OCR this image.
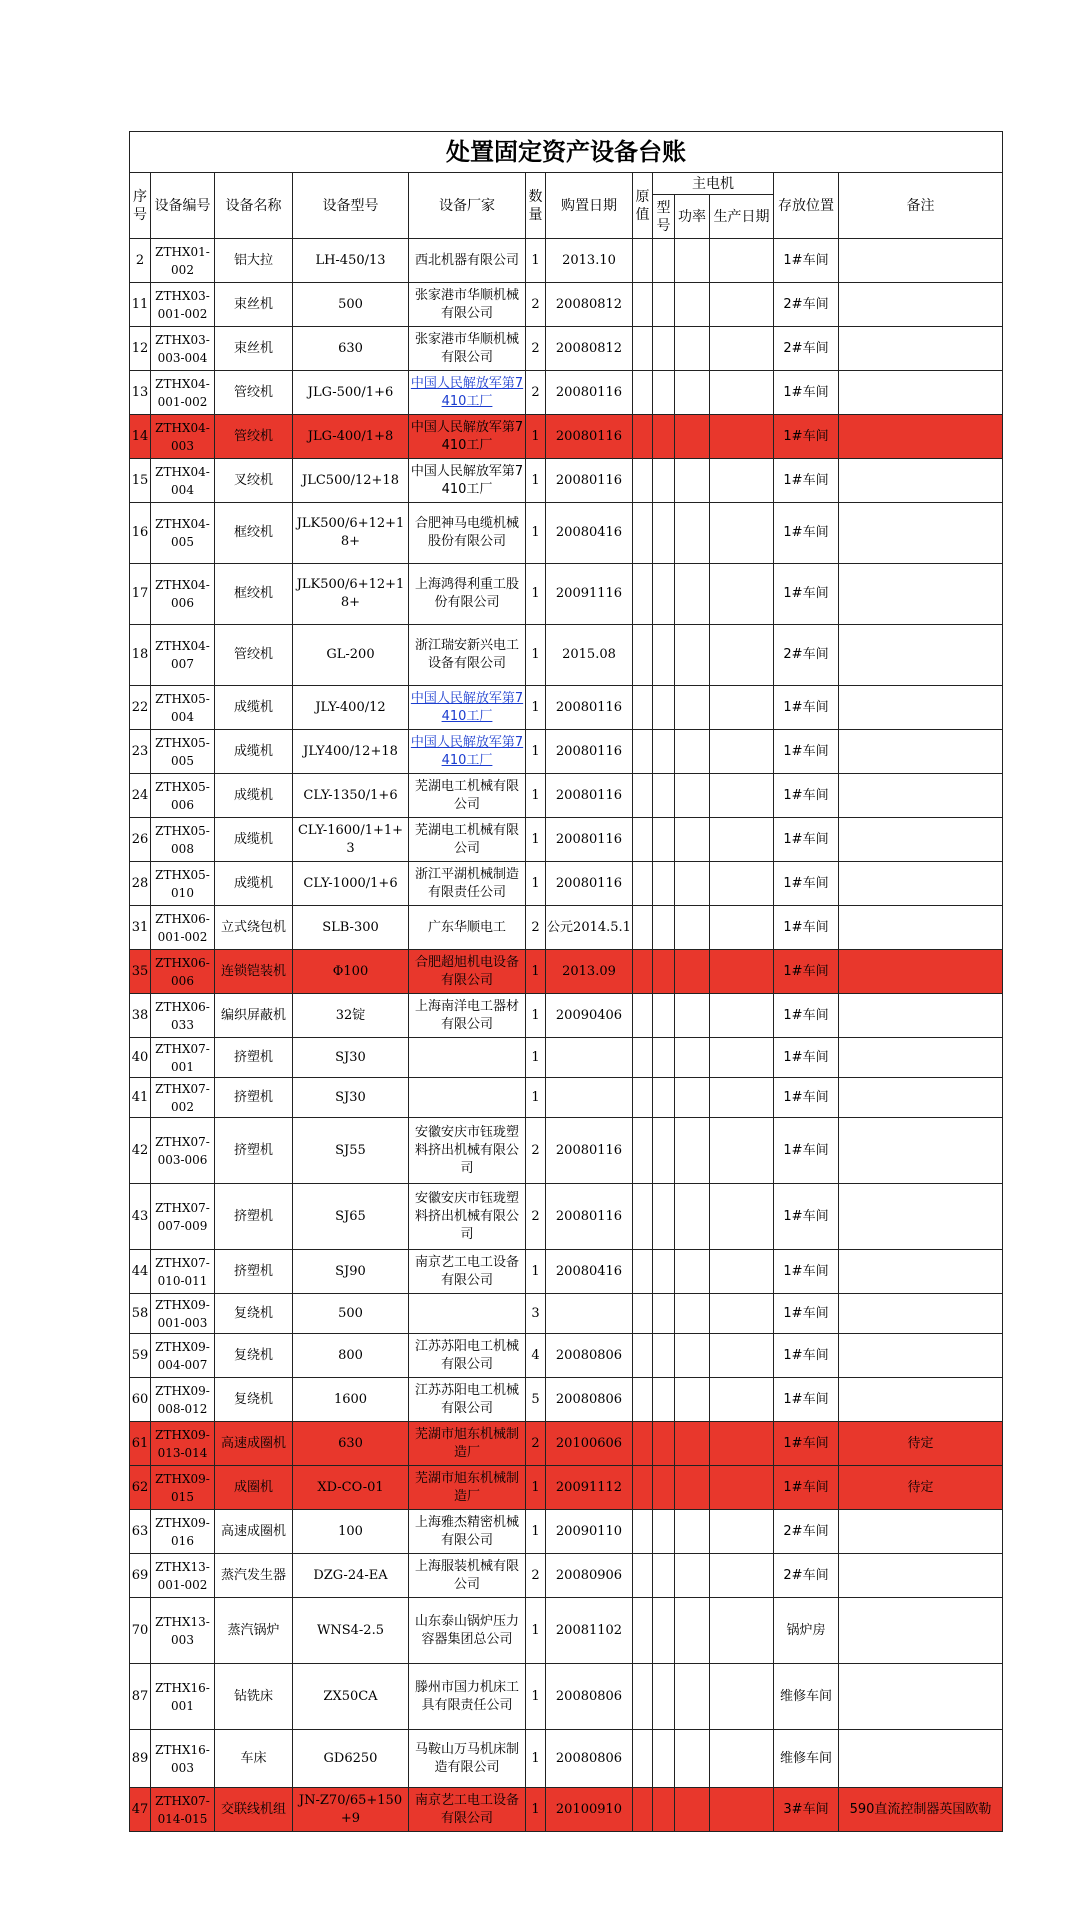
处置固定资产设备台账												
序号	设备编号	设备名称	设备型号	设备厂家	数量	购置日期	原值	主电机			存放位置	备注
								型号	功率	生产日期		
2	ZTHX01-002	铝大拉	LH-450/13	西北机器有限公司	1	2013.10					1#车间	
11	ZTHX03-001-002	束丝机	500	张家港市华顺机械有限公司	2	20080812					2#车间	
12	ZTHX03-003-004	束丝机	630	张家港市华顺机械有限公司	2	20080812					2#车间	
13	ZTHX04-001-002	管绞机	JLG-500/1+6	中国人民解放军第7410工厂	2	20080116					1#车间	
14	ZTHX04-003	管绞机	JLG-400/1+8	中国人民解放军第7410工厂	1	20080116					1#车间	
15	ZTHX04-004	叉绞机	JLC500/12+18	中国人民解放军第7410工厂	1	20080116					1#车间	
16	ZTHX04-005	框绞机	JLK500/6+12+18+	合肥神马电缆机械股份有限公司	1	20080416					1#车间	
17	ZTHX04-006	框绞机	JLK500/6+12+18+	上海鸿得利重工股份有限公司	1	20091116					1#车间	
18	ZTHX04-007	管绞机	GL-200	浙江瑞安新兴电工设备有限公司	1	2015.08					2#车间	
22	ZTHX05-004	成缆机	JLY-400/12	中国人民解放军第7410工厂	1	20080116					1#车间	
23	ZTHX05-005	成缆机	JLY400/12+18	中国人民解放军第7410工厂	1	20080116					1#车间	
24	ZTHX05-006	成缆机	CLY-1350/1+6	芜湖电工机械有限公司	1	20080116					1#车间	
26	ZTHX05-008	成缆机	CLY-1600/1+1+3	芜湖电工机械有限公司	1	20080116					1#车间	
28	ZTHX05-010	成缆机	CLY-1000/1+6	浙江平湖机械制造有限责任公司	1	20080116					1#车间	
31	ZTHX06-001-002	立式绕包机	SLB-300	广东华顺电工	2	公元2014.5.1					1#车间	
35	ZTHX06-006	连锁铠装机	Φ100	合肥超旭机电设备有限公司	1	2013.09					1#车间	
38	ZTHX06-033	编织屏蔽机	32锭	上海南洋电工器材有限公司	1	20090406					1#车间	
40	ZTHX07-001	挤塑机	SJ30		1						1#车间	
41	ZTHX07-002	挤塑机	SJ30		1						1#车间	
42	ZTHX07-003-006	挤塑机	SJ55	安徽安庆市钰珑塑料挤出机械有限公司	2	20080116					1#车间	
43	ZTHX07-007-009	挤塑机	SJ65	安徽安庆市钰珑塑料挤出机械有限公司	2	20080116					1#车间	
44	ZTHX07-010-011	挤塑机	SJ90	南京艺工电工设备有限公司	1	20080416					1#车间	
58	ZTHX09-001-003	复绕机	500		3						1#车间	
59	ZTHX09-004-007	复绕机	800	江苏苏阳电工机械有限公司	4	20080806					1#车间	
60	ZTHX09-008-012	复绕机	1600	江苏苏阳电工机械有限公司	5	20080806					1#车间	
61	ZTHX09-013-014	高速成圈机	630	芜湖市旭东机械制造厂	2	20100606					1#车间	待定
62	ZTHX09-015	成圈机	XD-CO-01	芜湖市旭东机械制造厂	1	20091112					1#车间	待定
63	ZTHX09-016	高速成圈机	100	上海雅杰精密机械有限公司	1	20090110					2#车间	
69	ZTHX13-001-002	蒸汽发生器	DZG-24-EA	上海服装机械有限公司	2	20080906					2#车间	
70	ZTHX13-003	蒸汽锅炉	WNS4-2.5	山东泰山锅炉压力容器集团总公司	1	20081102					锅炉房	
87	ZTHX16-001	钻铣床	ZX50CA	滕州市国力机床工具有限责任公司	1	20080806					维修车间	
89	ZTHX16-003	车床	GD6250	马鞍山万马机床制造有限公司	1	20080806					维修车间	
47	ZTHX07-014-015	交联线机组	JN-Z70/65+150+9	南京艺工电工设备有限公司	1	20100910					3#车间	590直流控制器英国欧勒
